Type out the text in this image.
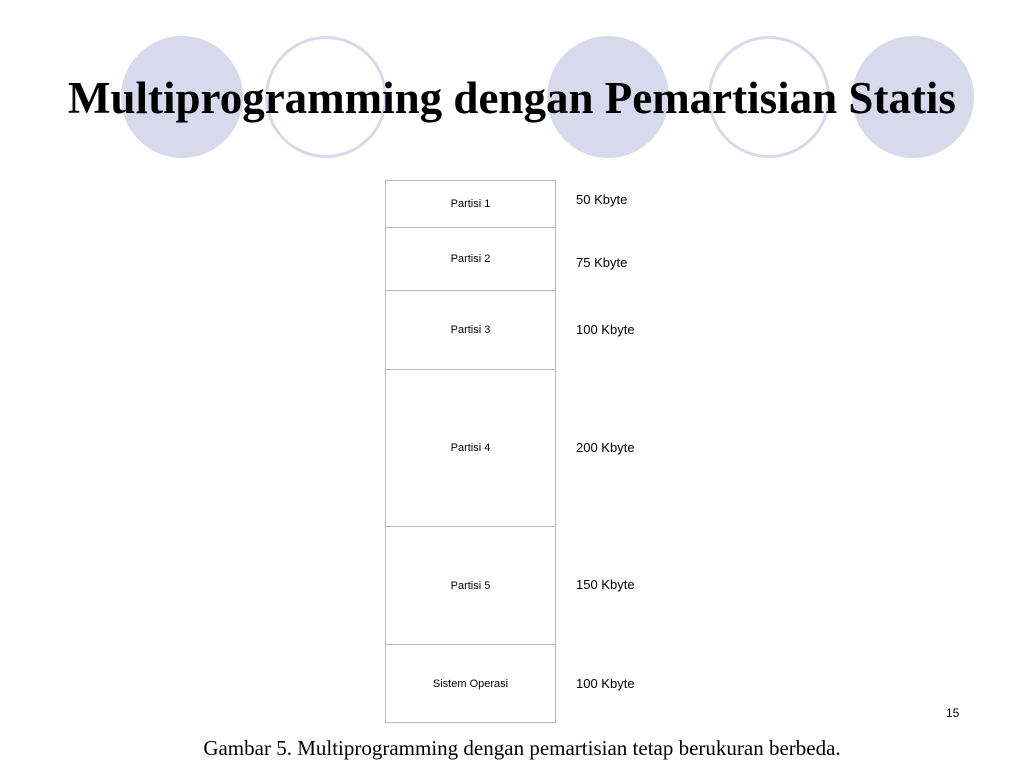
Multiprogramming dengan Pemartisian Statis
Partisi 1
Partisi 2
Partisi 3
Partisi 4
Partisi 5
Sistem Operasi
50 Kbyte
75 Kbyte
100 Kbyte
200 Kbyte
150 Kbyte
100 Kbyte
15
Gambar 5. Multiprogramming dengan pemartisian tetap berukuran berbeda.
